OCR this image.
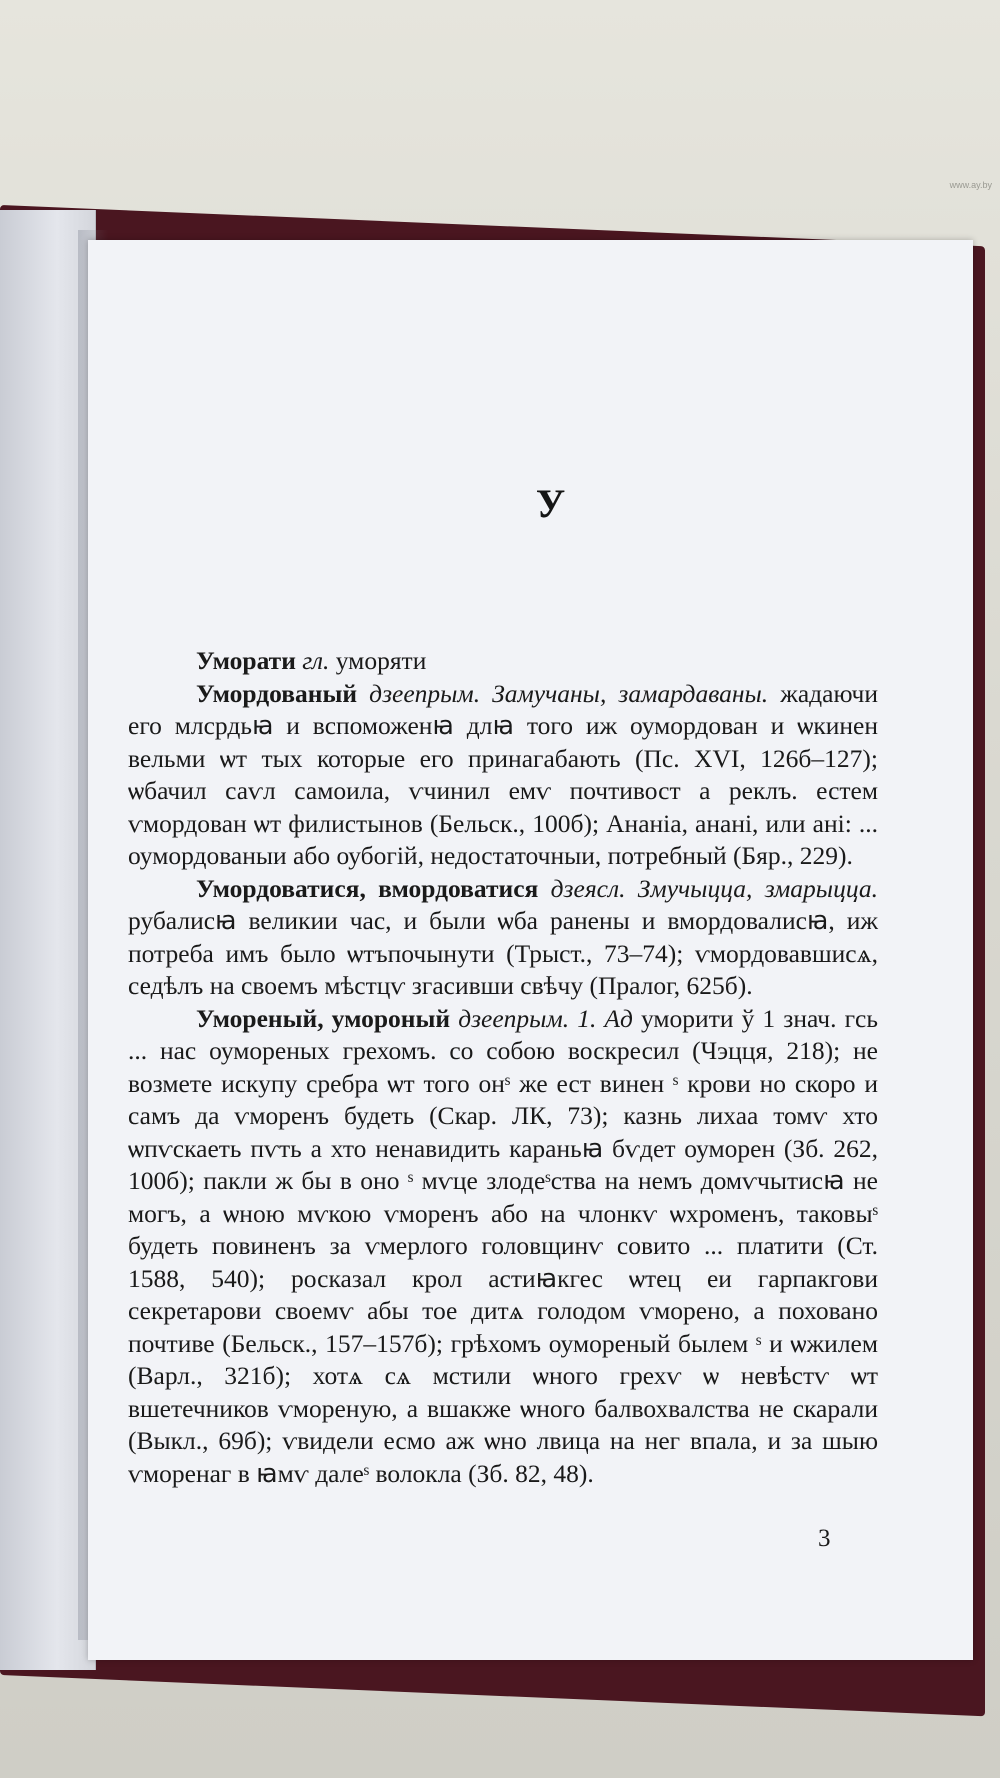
www.ay.by
У

Уморати гл. уморяти

Умордованый дзеепрым. Замучаны, замардаваны. жадаючи его млсрдьꙗ и вспоможенꙗ длꙗ того иж оумордован и ѡкинен вельми ѡт тых которые его принагабають (Пс. XVI, 126б–127); ѡбачил саѵл самоила, ѵчинил емѵ почтивост а реклъ. естем ѵмордован ѡт филистынов (Бельск., 100б); Ананіа, анані, или ані: ... оумордованыи або оубогій, недостаточныи, потребный (Бяр., 229).

Умордоватися, вмордоватися дзеясл. Змучыцца, змарыцца. рубалисꙗ великии час, и были ѡба ранены и вмордовалисꙗ, иж потреба имъ было ѡтъпочынути (Трыст., 73–74); ѵмордовавшисѧ, седѣлъ на своемъ мѣстцѵ згасивши свѣчу (Пралог, 625б).

Умореный, умороный дзеепрым. 1. Ад уморити ў 1 знач. гсь ... нас оумореных грехомъ. со собою воскресил (Чэцця, 218); не возмете искупу сребра ѡт того онˢ же ест винен ˢ крови но скоро и самъ да ѵморенъ будеть (Скар. ЛК, 73); казнь лихаа томѵ хто ѡпѵскаеть пѵть а хто ненавидить караньꙗ бѵдет оуморен (Зб. 262, 100б); пакли ж бы в оно ˢ мѵце злодеˢства на немъ домѵчытисꙗ не могъ, а ѡною мѵкою ѵморенъ або на члонкѵ ѡхроменъ, таковыˢ будеть повиненъ за ѵмерлого головщинѵ совито ... платити (Ст. 1588, 540); росказал крол астиꙗкгес ѡтец еи гарпакгови секретарови своемѵ абы тое дитѧ голодом ѵморено, а поховано почтиве (Бельск., 157–157б); грѣхомъ оумореный былем ˢ и ѡжилем (Варл., 321б); хотѧ сѧ мстили ѡного грехѵ ѡ невѣстѵ ѡт вшетечников ѵмореную, а вшакже ѡного балвохвалства не скарали (Выкл., 69б); ѵвидели есмо аж ѡно лвица на нег впала, и за шыю ѵморенаг в ꙗмѵ далеˢ волокла (Зб. 82, 48).

3
